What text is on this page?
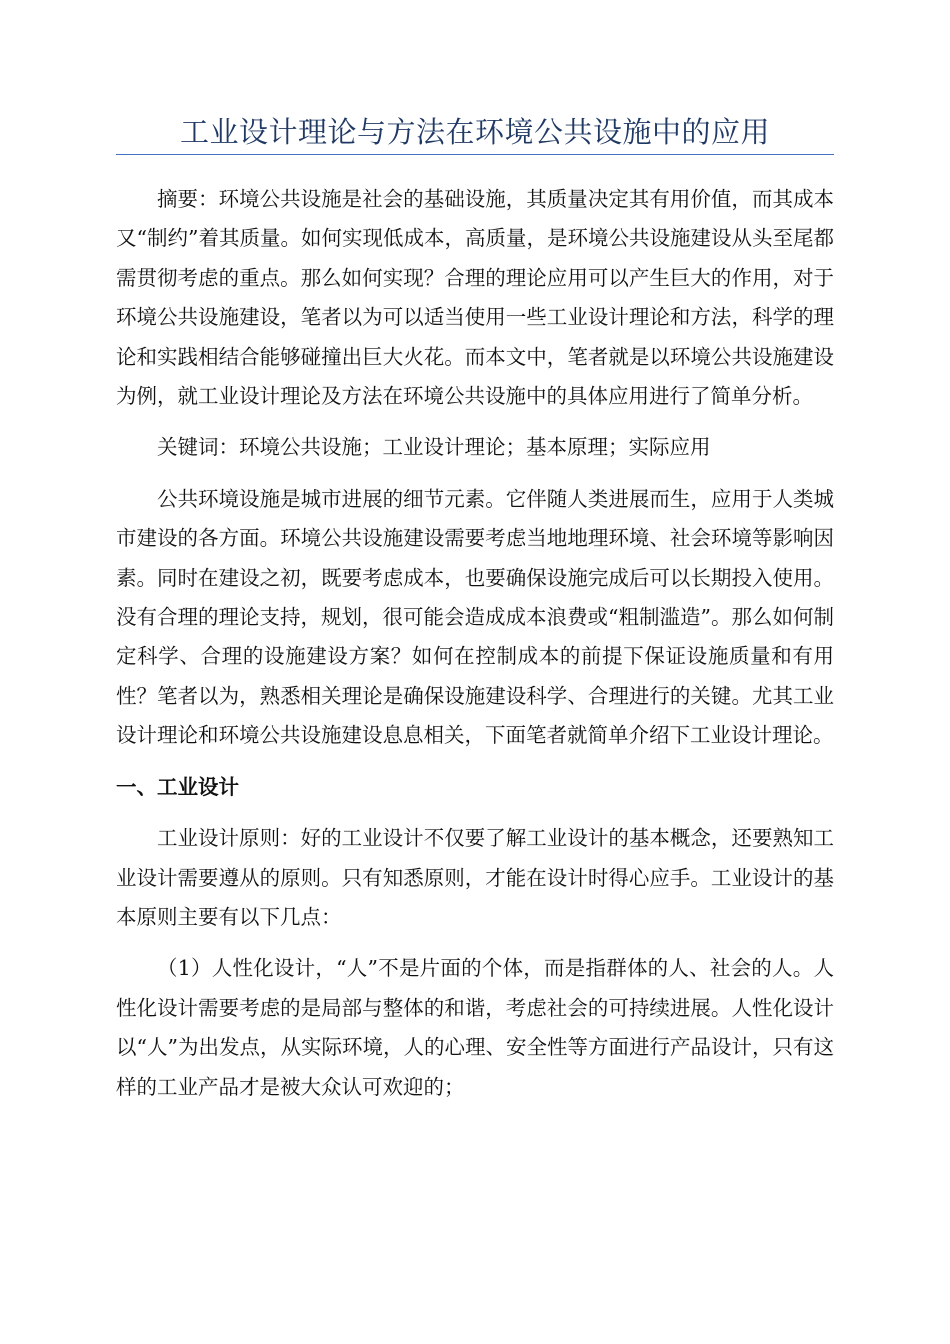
工业设计理论与方法在环境公共设施中的应用

摘要：环境公共设施是社会的基础设施，其质量决定其有用价值，而其成本又“制约”着其质量。如何实现低成本，高质量，是环境公共设施建设从头至尾都需贯彻考虑的重点。那么如何实现？合理的理论应用可以产生巨大的作用，对于环境公共设施建设，笔者以为可以适当使用一些工业设计理论和方法，科学的理论和实践相结合能够碰撞出巨大火花。而本文中，笔者就是以环境公共设施建设为例，就工业设计理论及方法在环境公共设施中的具体应用进行了简单分析。

关键词：环境公共设施；工业设计理论；基本原理；实际应用

公共环境设施是城市进展的细节元素。它伴随人类进展而生，应用于人类城市建设的各方面。环境公共设施建设需要考虑当地地理环境、社会环境等影响因素。同时在建设之初，既要考虑成本，也要确保设施完成后可以长期投入使用。没有合理的理论支持，规划，很可能会造成成本浪费或“粗制滥造”。那么如何制定科学、合理的设施建设方案？如何在控制成本的前提下保证设施质量和有用性？笔者以为，熟悉相关理论是确保设施建设科学、合理进行的关键。尤其工业设计理论和环境公共设施建设息息相关，下面笔者就简单介绍下工业设计理论。

一、工业设计

工业设计原则：好的工业设计不仅要了解工业设计的基本概念，还要熟知工业设计需要遵从的原则。只有知悉原则，才能在设计时得心应手。工业设计的基本原则主要有以下几点：

（1）人性化设计，“人”不是片面的个体，而是指群体的人、社会的人。人性化设计需要考虑的是局部与整体的和谐，考虑社会的可持续进展。人性化设计以“人”为出发点，从实际环境，人的心理、安全性等方面进行产品设计，只有这样的工业产品才是被大众认可欢迎的；
